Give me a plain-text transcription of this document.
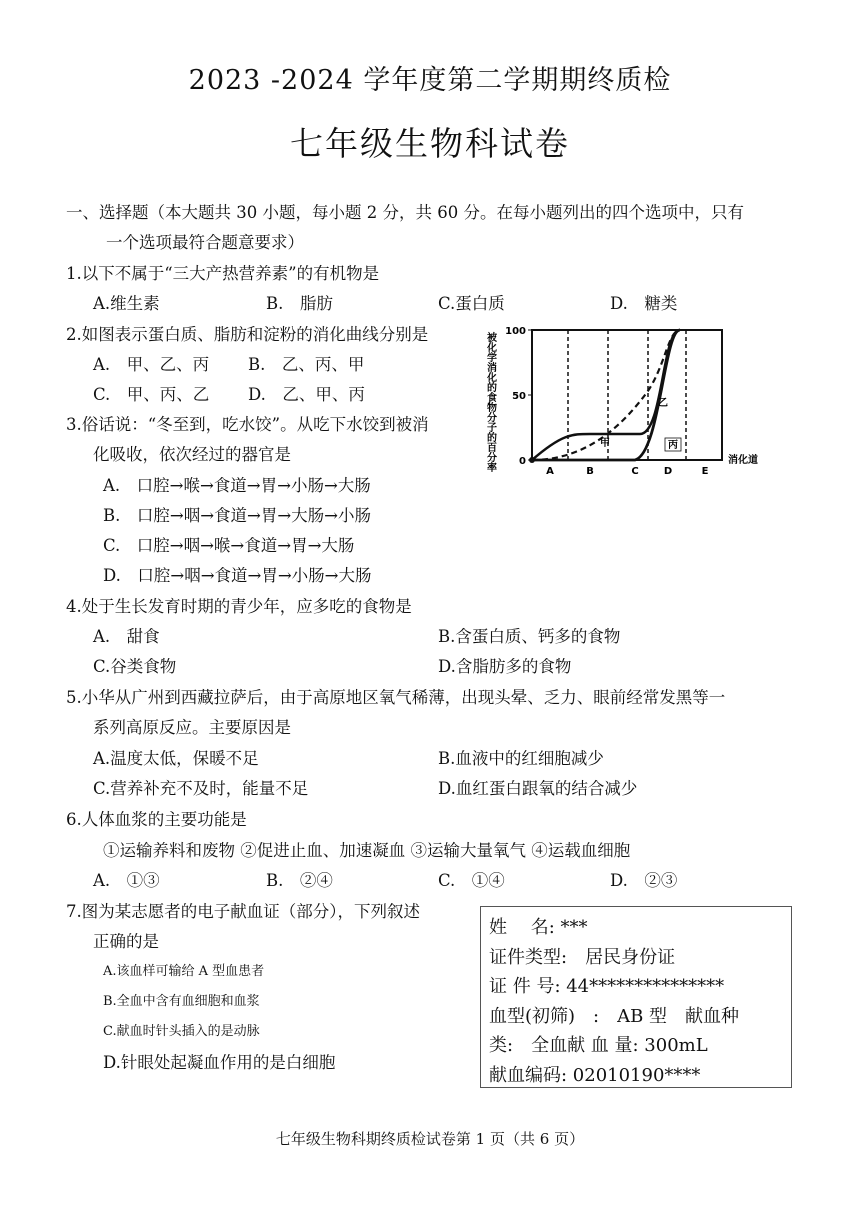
2023 -2024 学年度第二学期期终质检
七年级生物科试卷
一、选择题（本大题共 30 小题，每小题 2 分，共 60 分。在每小题列出的四个选项中，只有
一个选项最符合题意要求）
1.以下不属于“三大产热营养素”的有机物是
A.维生素	B.　脂肪	C.蛋白质	D.　糖类
2.如图表示蛋白质、脂肪和淀粉的消化曲线分别是
A.　甲、乙、丙 B.　乙、丙、甲
C.　甲、丙、乙 D.　乙、甲、丙	被化学消化的食物分子的百分率 0
50
100
A	B	C	D	E
甲
乙
丙
消化道
3.俗话说：“冬至到，吃水饺”。从吃下水饺到被消
化吸收，依次经过的器官是
A.　口腔→喉→食道→胃→小肠→大肠
B.　口腔→咽→食道→胃→大肠→小肠
C.　口腔→咽→喉→食道→胃→大肠
D.　口腔→咽→食道→胃→小肠→大肠
4.处于生长发育时期的青少年，应多吃的食物是
A.　甜食	B.含蛋白质、钙多的食物
C.谷类食物	D.含脂肪多的食物
5.小华从广州到西藏拉萨后，由于高原地区氧气稀薄，出现头晕、乏力、眼前经常发黑等一
系列高原反应。主要原因是
A.温度太低，保暖不足	B.血液中的红细胞减少
C.营养补充不及时，能量不足	D.血红蛋白跟氧的结合减少
6.人体血浆的主要功能是
①运输养料和废物 ②促进止血、加速凝血 ③运输大量氧气 ④运载血细胞
A.　①③	B.　②④	C.　①④	D.　②③
7.图为某志愿者的电子献血证（部分），下列叙述
正确的是
A.该血样可输给 A 型血患者
B.全血中含有血细胞和血浆
C.献血时针头插入的是动脉
D.针眼处起凝血作用的是白细胞
姓　 名: ***
证件类型:　居民身份证
证 件 号: 44***************
血型(初筛)　:　AB 型　献血种
类:　全血献 血 量: 300mL
献血编码: 02010190****
七年级生物科期终质检试卷第 1 页（共 6 页）
